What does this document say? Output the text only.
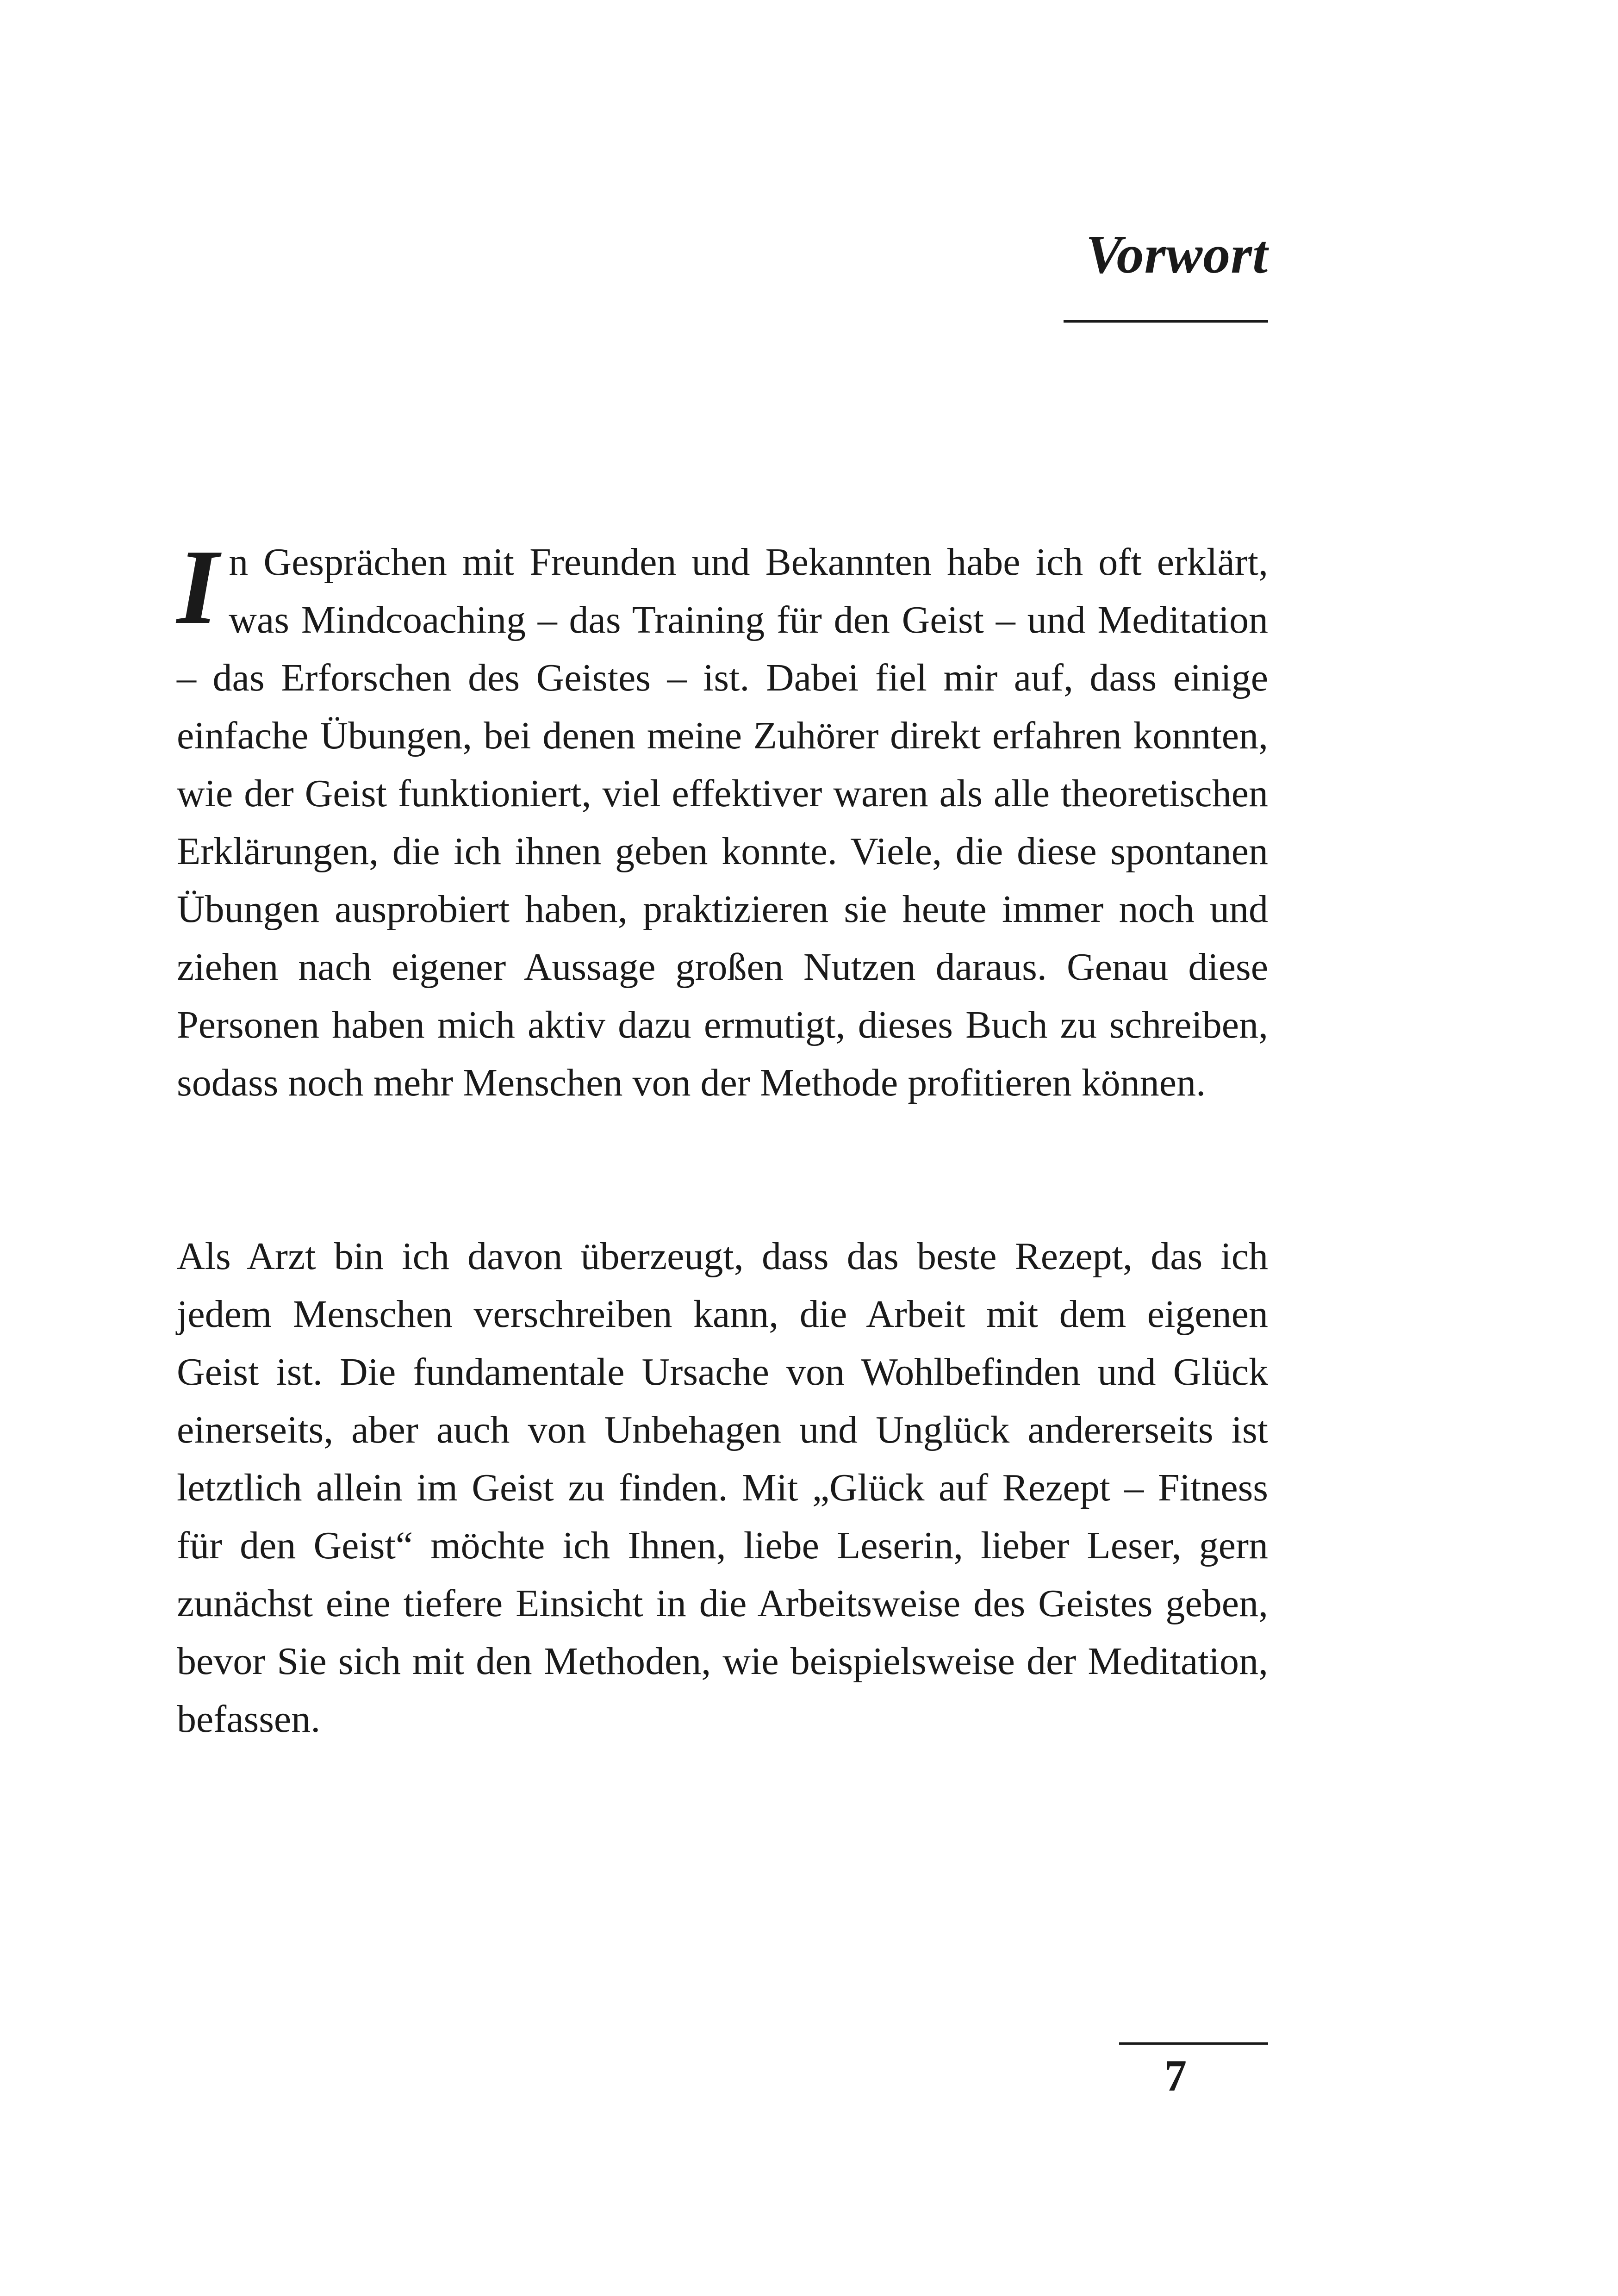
Vorwort
In Gesprächen mit Freunden und Bekannten habe ich oft erklärt, was Mindcoaching – das Training für den Geist – und Meditation – das Erforschen des Geistes – ist. Dabei fiel mir auf, dass einige einfache Übungen, bei denen meine Zuhörer direkt erfahren konnten, wie der Geist funktioniert, viel effektiver waren als alle theoretischen Erklärungen, die ich ihnen geben konnte. Viele, die diese spontanen Übungen ausprobiert haben, praktizieren sie heute immer noch und ziehen nach eigener Aussage großen Nutzen daraus. Genau diese Personen haben mich aktiv dazu ermutigt, dieses Buch zu schreiben, sodass noch mehr Menschen von der Methode profitieren können.
Als Arzt bin ich davon überzeugt, dass das beste Rezept, das ich jedem Menschen verschreiben kann, die Arbeit mit dem eigenen Geist ist. Die fundamentale Ursache von Wohlbefinden und Glück einerseits, aber auch von Unbehagen und Unglück andererseits ist letztlich allein im Geist zu finden. Mit „Glück auf Rezept – Fitness für den Geist“ möchte ich Ihnen, liebe Leserin, lieber Leser, gern zunächst eine tiefere Einsicht in die Arbeitsweise des Geistes geben, bevor Sie sich mit den Methoden, wie beispielsweise der Meditation, befassen.
7
